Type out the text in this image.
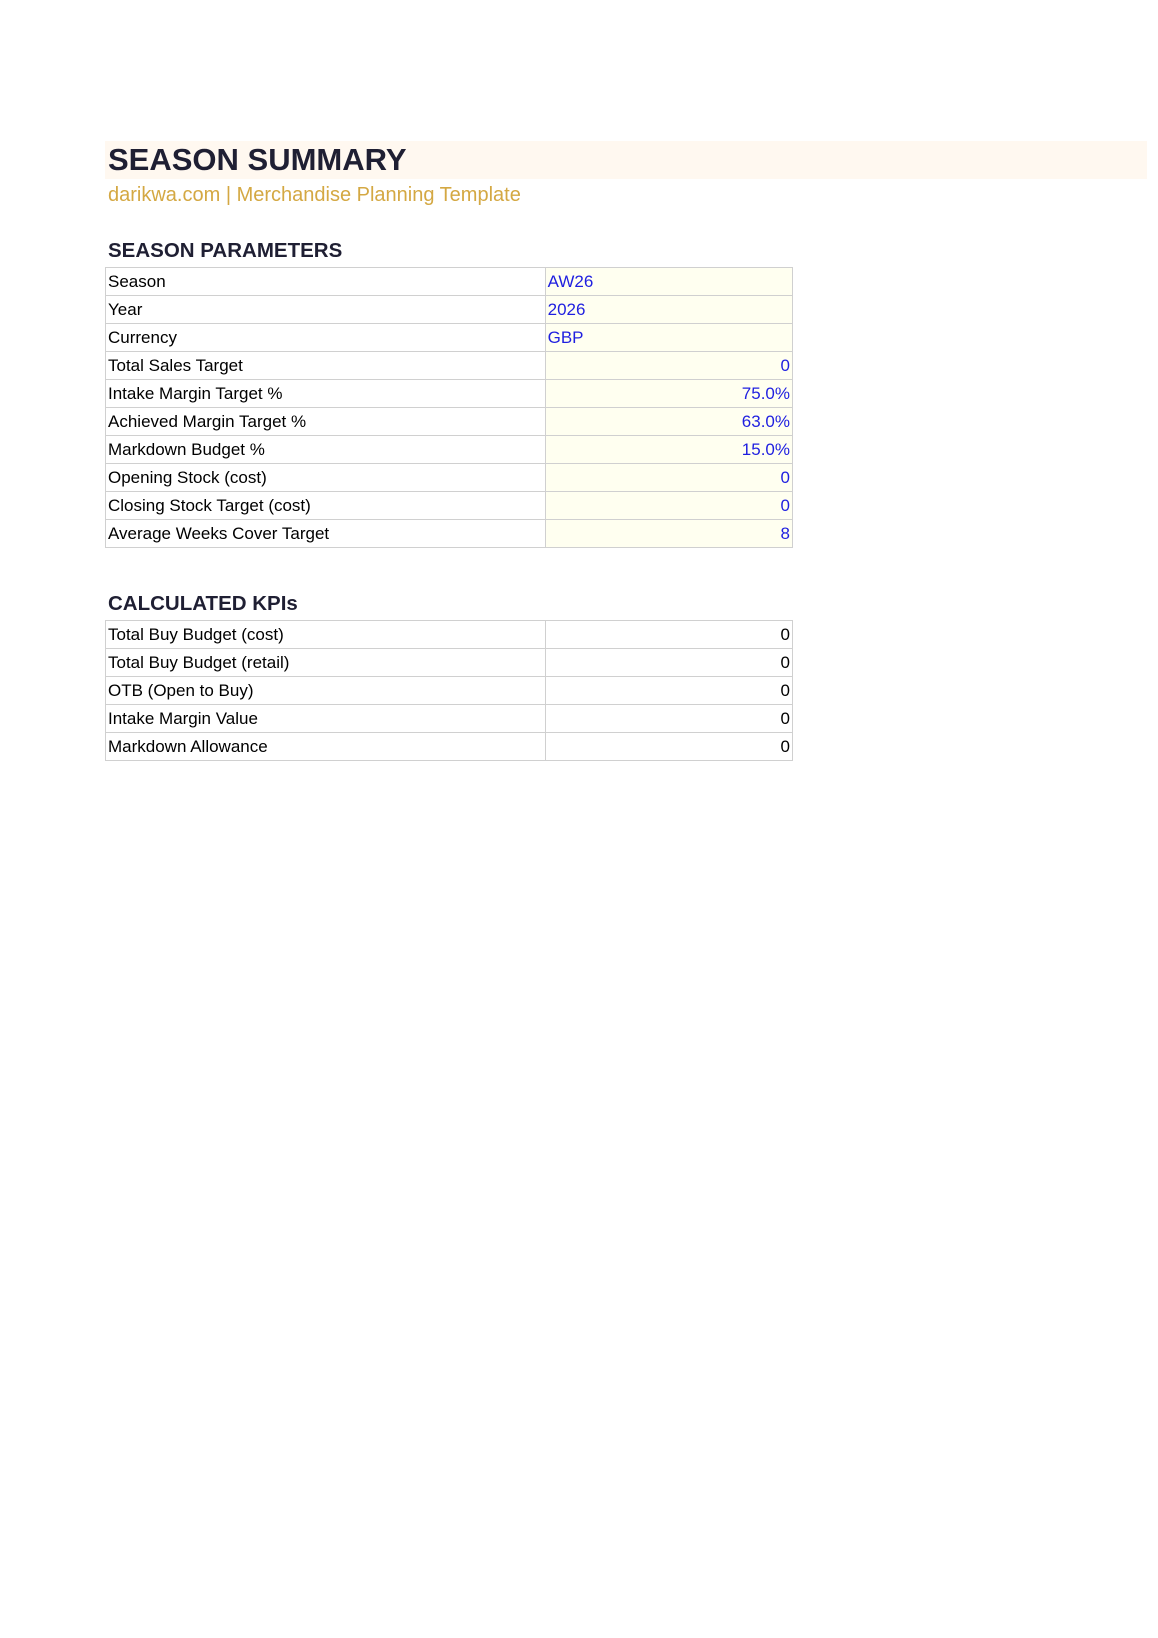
SEASON SUMMARY
darikwa.com | Merchandise Planning Template
SEASON PARAMETERS
Season	AW26
Year	2026
Currency	GBP
Total Sales Target	0
Intake Margin Target %	75.0%
Achieved Margin Target %	63.0%
Markdown Budget %	15.0%
Opening Stock (cost)	0
Closing Stock Target (cost)	0
Average Weeks Cover Target	8
CALCULATED KPIs
Total Buy Budget (cost)	0
Total Buy Budget (retail)	0
OTB (Open to Buy)	0
Intake Margin Value	0
Markdown Allowance	0
